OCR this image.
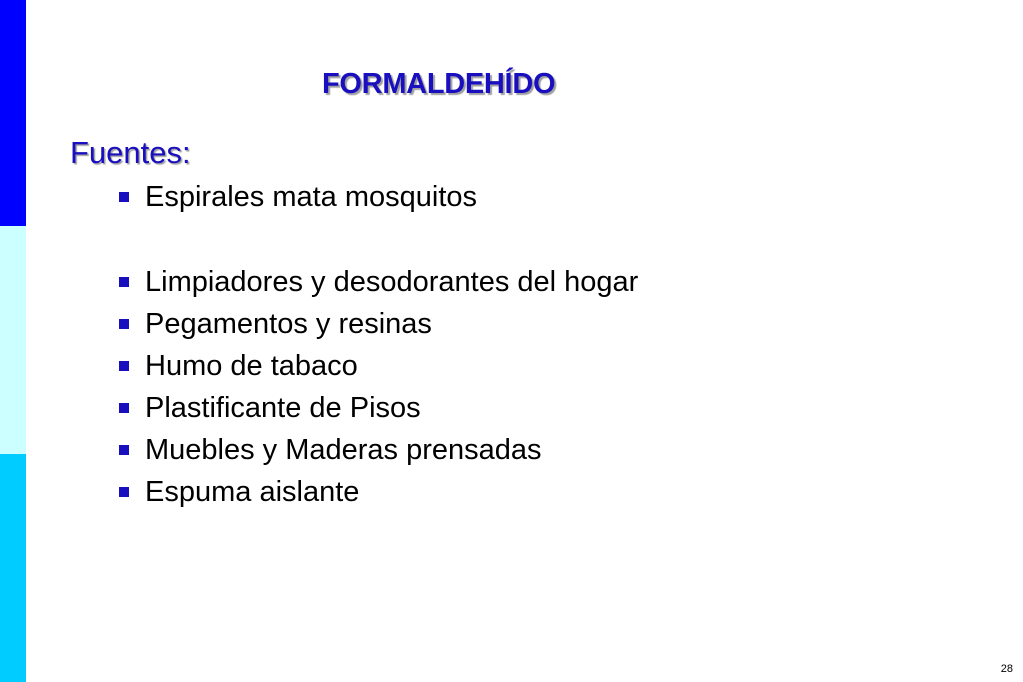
FORMALDEHÍDO
Fuentes:
Espirales mata mosquitos
Limpiadores y desodorantes del hogar
Pegamentos y resinas
Humo de tabaco
Plastificante de Pisos
Muebles y Maderas prensadas
Espuma aislante
28
